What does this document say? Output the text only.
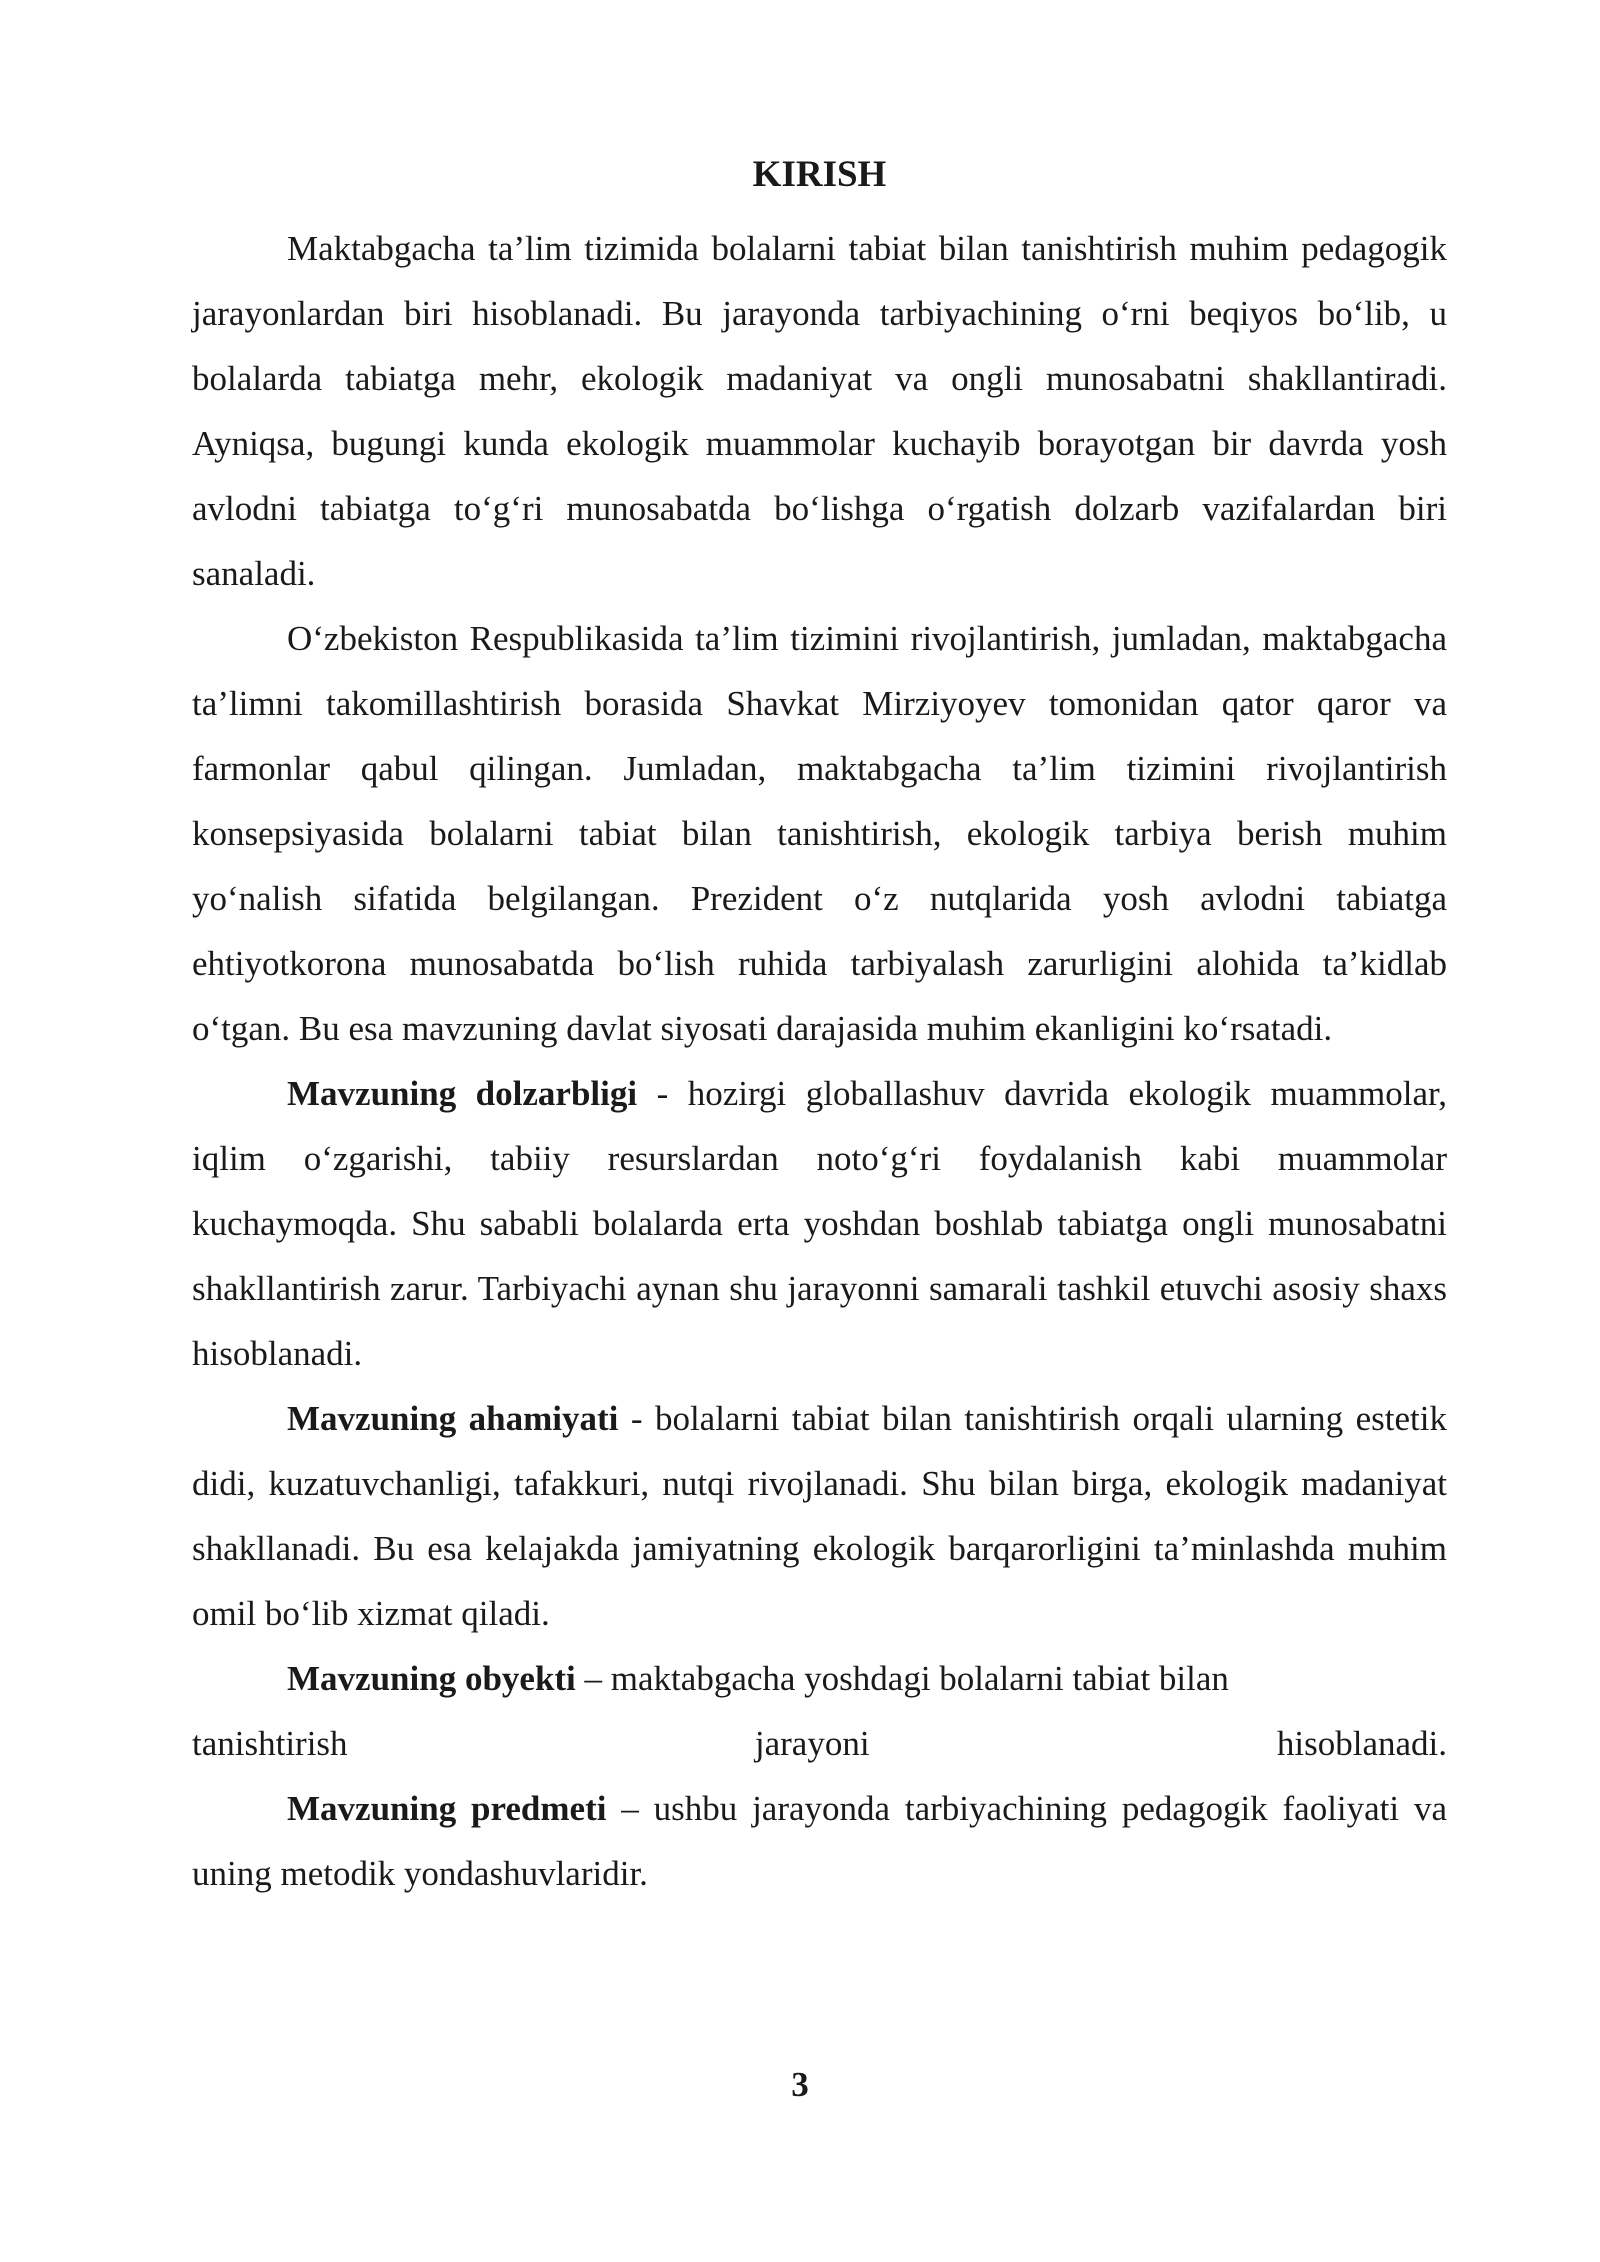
KIRISH

Maktabgacha ta’lim tizimida bolalarni tabiat bilan tanishtirish muhim pedagogik jarayonlardan biri hisoblanadi. Bu jarayonda tarbiyachining o‘rni beqiyos bo‘lib, u bolalarda tabiatga mehr, ekologik madaniyat va ongli munosabatni shakllantiradi. Ayniqsa, bugungi kunda ekologik muammolar kuchayib borayotgan bir davrda yosh avlodni tabiatga to‘g‘ri munosabatda bo‘lishga o‘rgatish dolzarb vazifalardan biri sanaladi.

O‘zbekiston Respublikasida ta’lim tizimini rivojlantirish, jumladan, maktabgacha ta’limni takomillashtirish borasida Shavkat Mirziyoyev tomonidan qator qaror va farmonlar qabul qilingan. Jumladan, maktabgacha ta’lim tizimini rivojlantirish konsepsiyasida bolalarni tabiat bilan tanishtirish, ekologik tarbiya berish muhim yo‘nalish sifatida belgilangan. Prezident o‘z nutqlarida yosh avlodni tabiatga ehtiyotkorona munosabatda bo‘lish ruhida tarbiyalash zarurligini alohida ta’kidlab o‘tgan. Bu esa mavzuning davlat siyosati darajasida muhim ekanligini ko‘rsatadi.

Mavzuning dolzarbligi - hozirgi globallashuv davrida ekologik muammolar, iqlim o‘zgarishi, tabiiy resurslardan noto‘g‘ri foydalanish kabi muammolar kuchaymoqda. Shu sababli bolalarda erta yoshdan boshlab tabiatga ongli munosabatni shakllantirish zarur. Tarbiyachi aynan shu jarayonni samarali tashkil etuvchi asosiy shaxs hisoblanadi.

Mavzuning ahamiyati - bolalarni tabiat bilan tanishtirish orqali ularning estetik didi, kuzatuvchanligi, tafakkuri, nutqi rivojlanadi. Shu bilan birga, ekologik madaniyat shakllanadi. Bu esa kelajakda jamiyatning ekologik barqarorligini ta’minlashda muhim omil bo‘lib xizmat qiladi.

Mavzuning obyekti – maktabgacha yoshdagi bolalarni tabiat bilan

tanishtirish	jarayoni	hisoblanadi.

Mavzuning predmeti – ushbu jarayonda tarbiyachining pedagogik faoliyati va uning metodik yondashuvlaridir.

3
